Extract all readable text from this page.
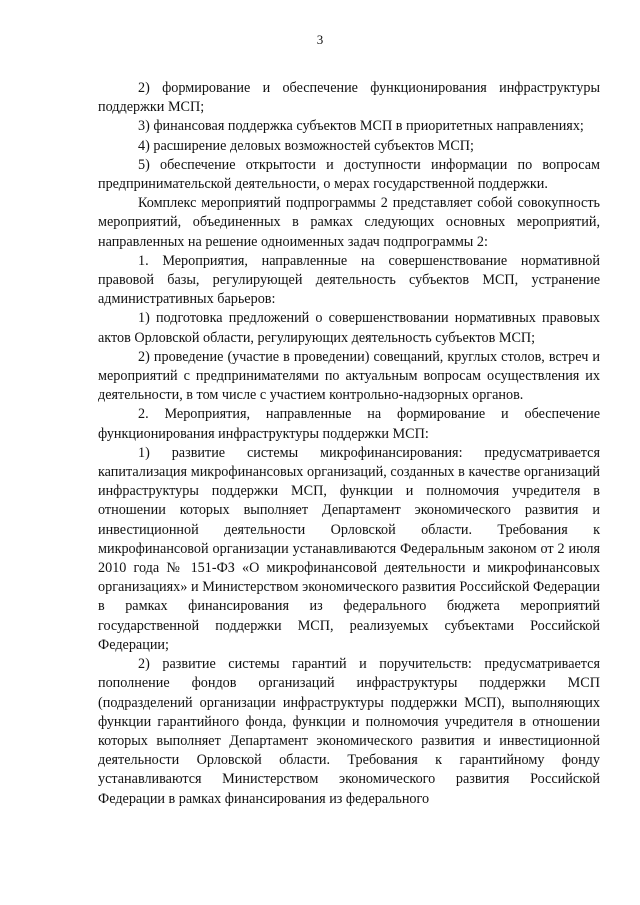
3

2) формирование и обеспечение функционирования инфраструктуры поддержки МСП;

3) финансовая поддержка субъектов МСП в приоритетных направлениях;

4) расширение деловых возможностей субъектов МСП;

5) обеспечение открытости и доступности информации по вопросам предпринимательской деятельности, о мерах государственной поддержки.

Комплекс мероприятий подпрограммы 2 представляет собой совокупность мероприятий, объединенных в рамках следующих основных мероприятий, направленных на решение одноименных задач подпрограммы 2:

1. Мероприятия, направленные на совершенствование нормативной правовой базы, регулирующей деятельность субъектов МСП, устранение административных барьеров:

1) подготовка предложений о совершенствовании нормативных правовых актов Орловской области, регулирующих деятельность субъектов МСП;

2) проведение (участие в проведении) совещаний, круглых столов, встреч и мероприятий с предпринимателями по актуальным вопросам осуществления их деятельности, в том числе с участием контрольно-надзорных органов.

2. Мероприятия, направленные на формирование и обеспечение функционирования инфраструктуры поддержки МСП:

1) развитие системы микрофинансирования: предусматривается капитализация микрофинансовых организаций, созданных в качестве организаций инфраструктуры поддержки МСП, функции и полномочия учредителя в отношении которых выполняет Департамент экономического развития и инвестиционной деятельности Орловской области. Требования к микрофинансовой организации устанавливаются Федеральным законом от 2 июля 2010 года № 151-ФЗ «О микрофинансовой деятельности и микрофинансовых организациях» и Министерством экономического развития Российской Федерации в рамках финансирования из федерального бюджета мероприятий государственной поддержки МСП, реализуемых субъектами Российской Федерации;

2) развитие системы гарантий и поручительств: предусматривается пополнение фондов организаций инфраструктуры поддержки МСП (подразделений организации инфраструктуры поддержки МСП), выполняющих функции гарантийного фонда, функции и полномочия учредителя в отношении которых выполняет Департамент экономического развития и инвестиционной деятельности Орловской области. Требования к гарантийному фонду устанавливаются Министерством экономического развития Российской Федерации в рамках финансирования из федерального
